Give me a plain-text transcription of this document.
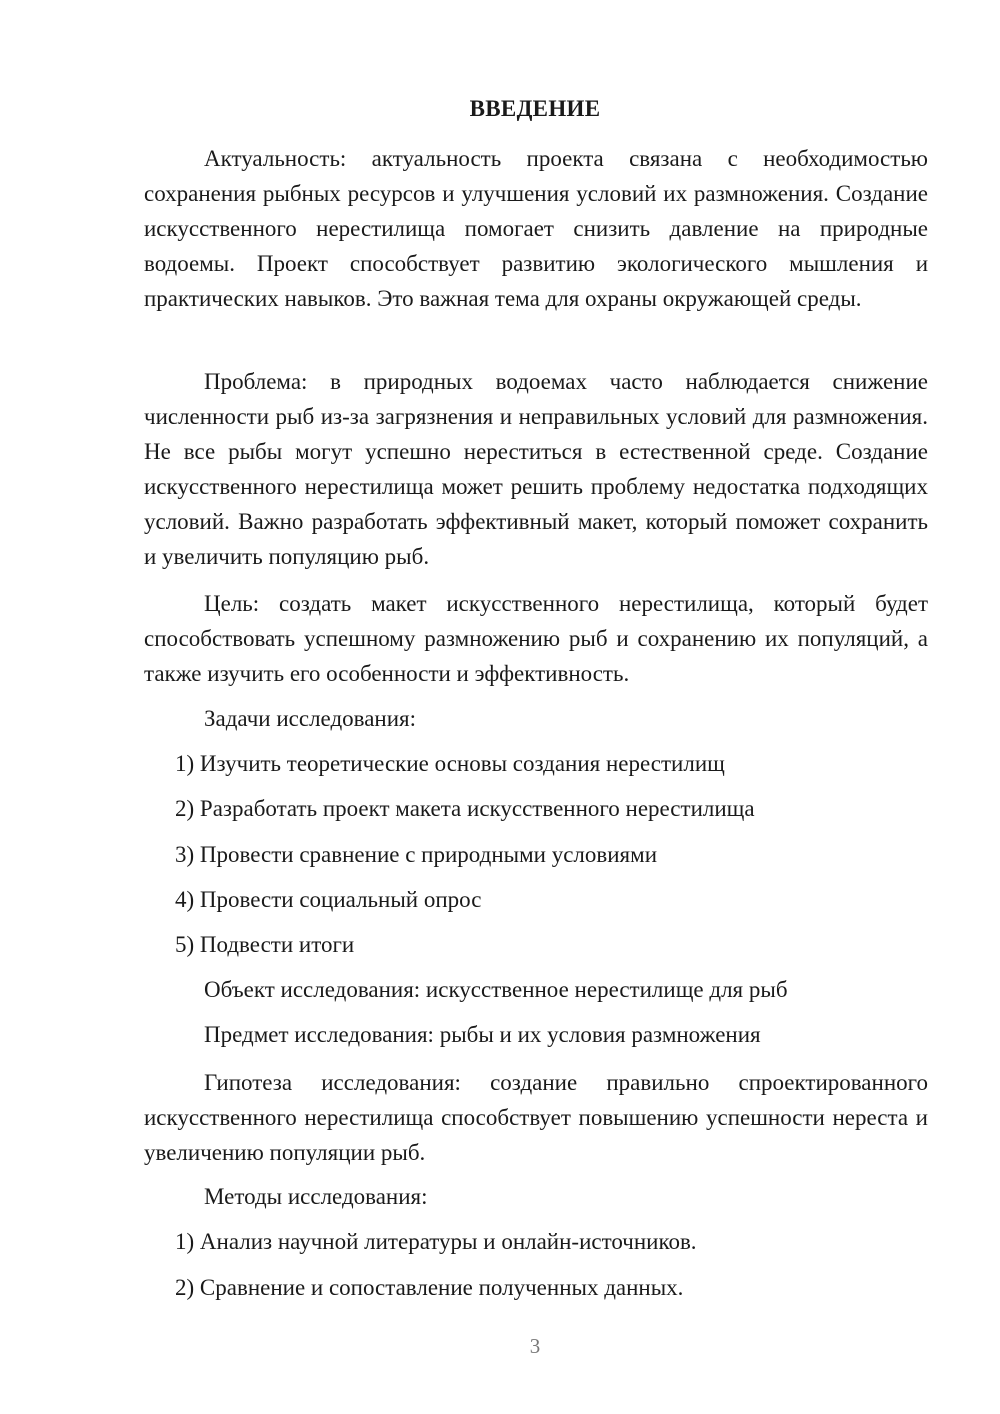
ВВЕДЕНИЕ

Актуальность: актуальность проекта связана с необходимостью сохранения рыбных ресурсов и улучшения условий их размножения. Создание искусственного нерестилища помогает снизить давление на природные водоемы. Проект способствует развитию экологического мышления и практических навыков. Это важная тема для охраны окружающей среды.

Проблема: в природных водоемах часто наблюдается снижение численности рыб из-за загрязнения и неправильных условий для размножения. Не все рыбы могут успешно нереститься в естественной среде. Создание искусственного нерестилища может решить проблему недостатка подходящих условий. Важно разработать эффективный макет, который поможет сохранить и увеличить популяцию рыб.

Цель: создать макет искусственного нерестилища, который будет способствовать успешному размножению рыб и сохранению их популяций, а также изучить его особенности и эффективность.

Задачи исследования:
1) Изучить теоретические основы создания нерестилищ
2) Разработать проект макета искусственного нерестилища
3) Провести сравнение с природными условиями
4) Провести социальный опрос
5) Подвести итоги
Объект исследования: искусственное нерестилище для рыб
Предмет исследования: рыбы и их условия размножения

Гипотеза исследования: создание правильно спроектированного искусственного нерестилища способствует повышению успешности нереста и увеличению популяции рыб.

Методы исследования:
1) Анализ научной литературы и онлайн-источников.
2) Сравнение и сопоставление полученных данных.
3
